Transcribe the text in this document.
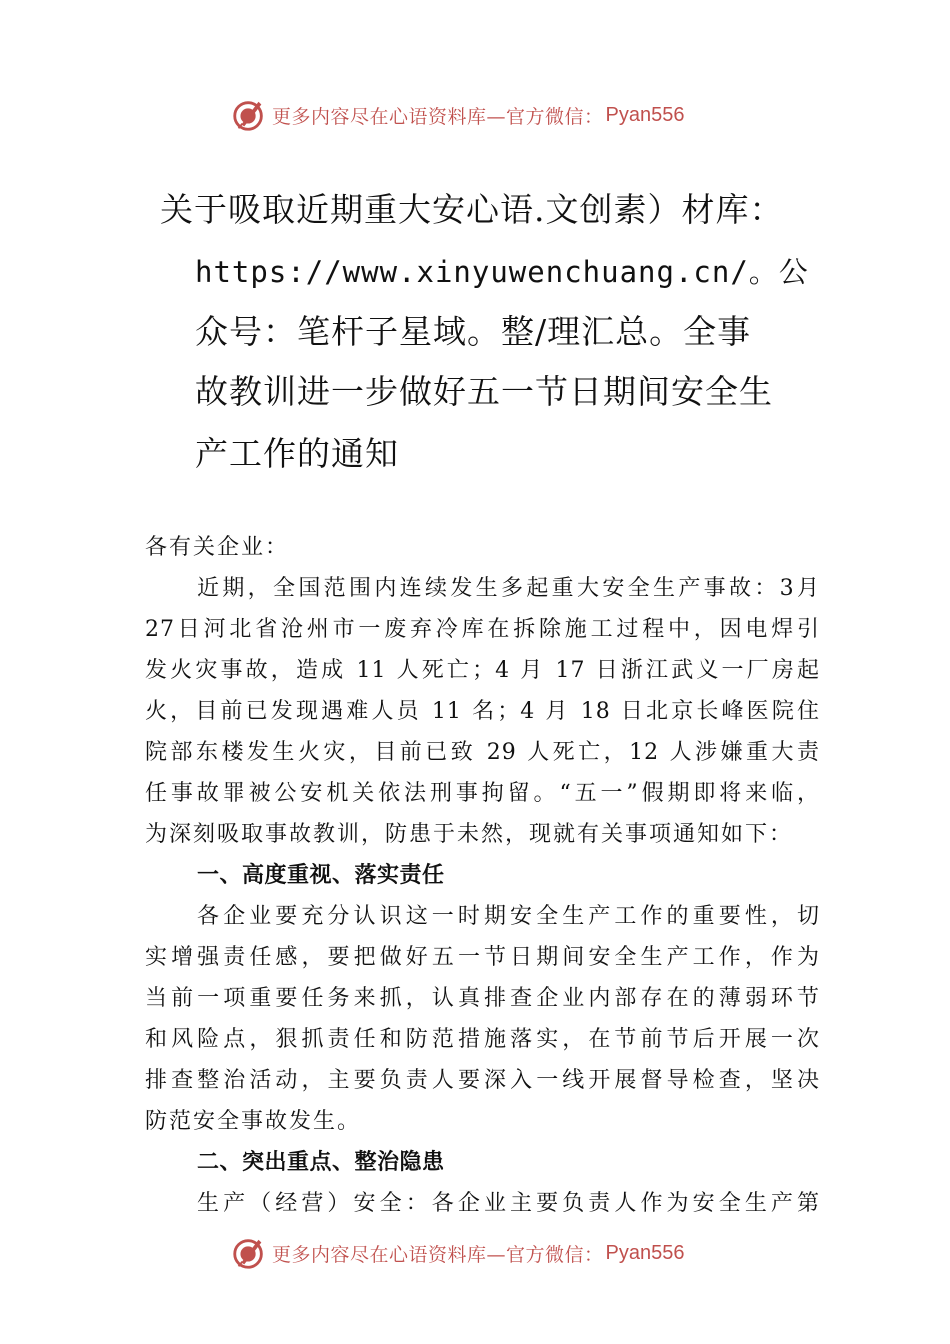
更多内容尽在心语资料库—官方微信： Pyan556
关于吸取近期重大安心语.文创素）材库：
https://www.xinyuwenchuang.cn/。公
众号：笔杆子星域。整/理汇总。全事
故教训进一步做好五一节日期间安全生
产工作的通知
各有关企业：
近期，全国范围内连续发生多起重大安全生产事故：3月
27日河北省沧州市一废弃冷库在拆除施工过程中，因电焊引
发火灾事故，造成 11 人死亡；4 月 17 日浙江武义一厂房起
火，目前已发现遇难人员 11 名；4 月 18 日北京长峰医院住
院部东楼发生火灾，目前已致 29 人死亡，12 人涉嫌重大责
任事故罪被公安机关依法刑事拘留。“五一”假期即将来临，
为深刻吸取事故教训，防患于未然，现就有关事项通知如下：
一、高度重视、落实责任
各企业要充分认识这一时期安全生产工作的重要性，切
实增强责任感，要把做好五一节日期间安全生产工作，作为
当前一项重要任务来抓，认真排查企业内部存在的薄弱环节
和风险点，狠抓责任和防范措施落实，在节前节后开展一次
排查整治活动，主要负责人要深入一线开展督导检查，坚决
防范安全事故发生。
二、突出重点、整治隐患
生产（经营）安全：各企业主要负责人作为安全生产第
更多内容尽在心语资料库—官方微信： Pyan556
